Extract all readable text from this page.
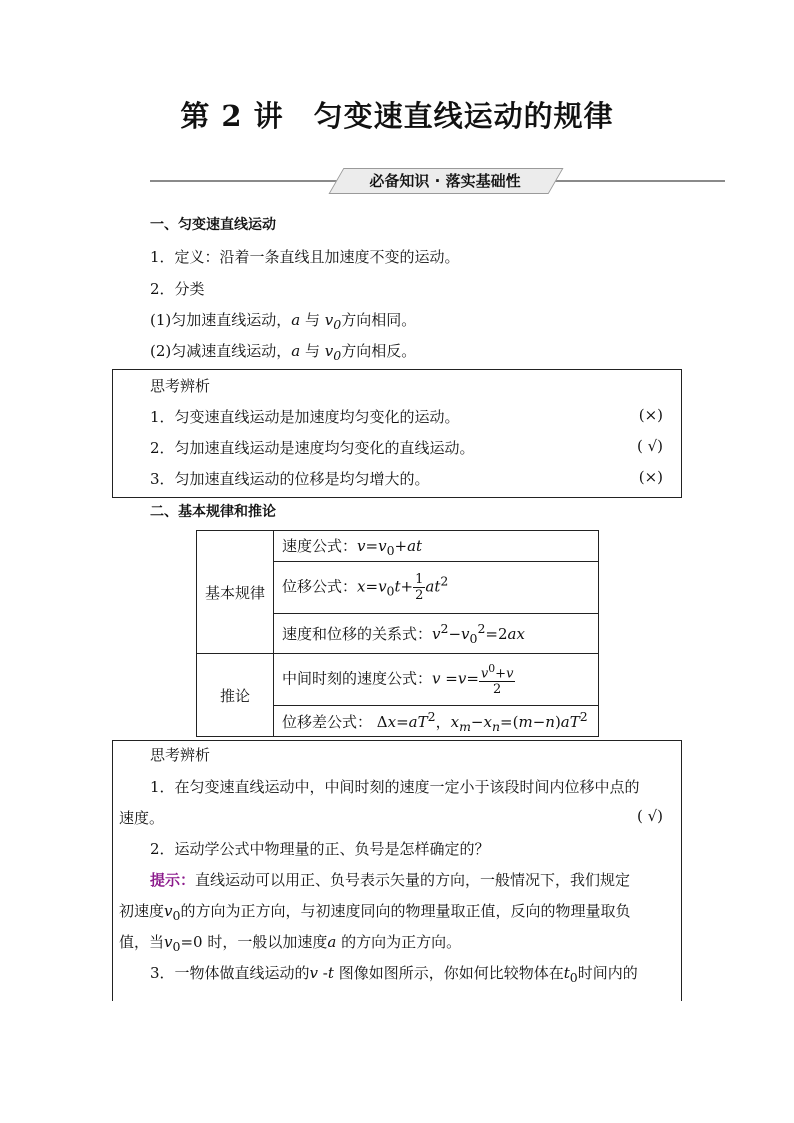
第 2 讲　匀变速直线运动的规律
必备知识 · 落实基础性
一、匀变速直线运动
1．定义：沿着一条直线且加速度不变的运动。
2．分类
(1)匀加速直线运动，a 与 $v_0$方向相同。
(2)匀减速直线运动，a 与 $v_0$方向相反。
思考辨析
1．匀变速直线运动是加速度均匀变化的运动。	(×)
2．匀加速直线运动是速度均匀变化的直线运动。	( √)
3．匀加速直线运动的位移是均匀增大的。	(×)
二、基本规律和推论
基本规律	速度公式：$v=v_0+at$
	位移公式：$x=v_0t+ \frac{1}{2} at^2$
	速度和位移的关系式：$v^2-v_0^2=2ax$
推论	中间时刻的速度公式：$v =v= \frac{v^0+v}{2}$

	位移差公式： $\Delta x=aT^2$，$x_m-x_n=(m-n)aT^2$
思考辨析
1．在匀变速直线运动中，中间时刻的速度一定小于该段时间内位移中点的
速度。	( √)
2．运动学公式中物理量的正、负号是怎样确定的？
提示：直线运动可以用正、负号表示矢量的方向，一般情况下，我们规定
初速度$v_0$的方向为正方向，与初速度同向的物理量取正值，反向的物理量取负
值，当$v_0=0$ 时，一般以加速度a 的方向为正方向。
3．一物体做直线运动的v -t 图像如图所示，你如何比较物体在$t_0$时间内的
